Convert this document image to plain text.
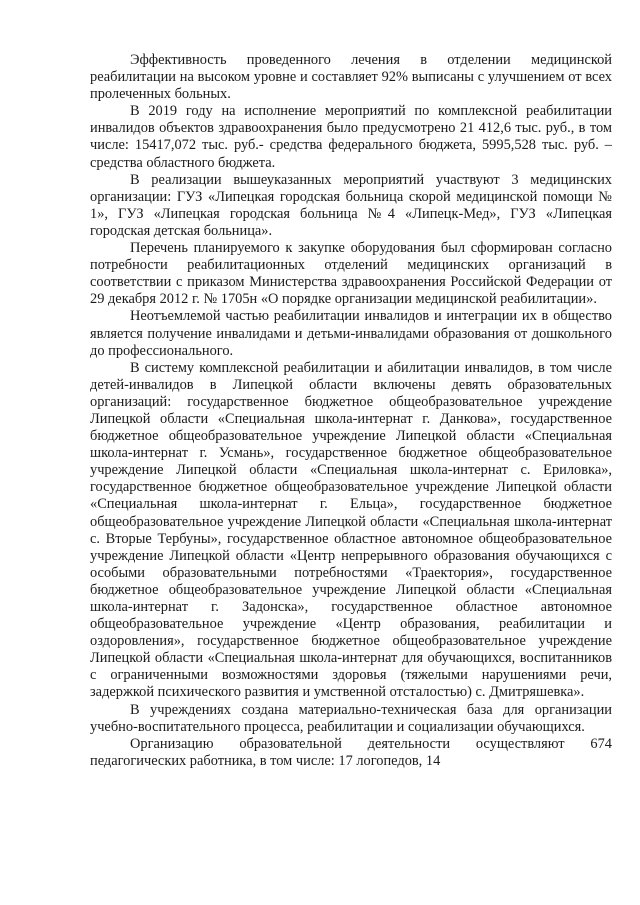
Эффективность проведенного лечения в отделении медицинской реабилитации на высоком уровне и составляет 92% выписаны с улучшением от всех пролеченных больных.

В 2019 году на исполнение мероприятий по комплексной реабилитации инвалидов объектов здравоохранения было предусмотрено 21 412,6 тыс. руб., в том числе: 15417,072 тыс. руб.- средства федерального бюджета, 5995,528 тыс. руб. – средства областного бюджета.

В реализации вышеуказанных мероприятий участвуют 3 медицинских организации: ГУЗ «Липецкая городская больница скорой медицинской помощи № 1», ГУЗ «Липецкая городская больница №4 «Липецк-Мед», ГУЗ «Липецкая городская детская больница».

Перечень планируемого к закупке оборудования был сформирован согласно потребности реабилитационных отделений медицинских организаций в соответствии с приказом Министерства здравоохранения Российской Федерации от 29 декабря 2012 г. № 1705н «О порядке организации медицинской реабилитации».

Неотъемлемой частью реабилитации инвалидов и интеграции их в общество является получение инвалидами и детьми-инвалидами образования от дошкольного до профессионального.

В систему комплексной реабилитации и абилитации инвалидов, в том числе детей-инвалидов в Липецкой области включены девять образовательных организаций: государственное бюджетное общеобразовательное учреждение Липецкой области «Специальная школа-интернат г. Данкова», государственное бюджетное общеобразовательное учреждение Липецкой области «Специальная школа-интернат г. Усмань», государственное бюджетное общеобразовательное учреждение Липецкой области «Специальная школа-интернат с. Ериловка», государственное бюджетное общеобразовательное учреждение Липецкой области «Специальная школа-интернат г. Ельца», государственное бюджетное общеобразовательное учреждение Липецкой области «Специальная школа-интернат с. Вторые Тербуны», государственное областное автономное общеобразовательное учреждение Липецкой области «Центр непрерывного образования обучающихся с особыми образовательными потребностями «Траектория», государственное бюджетное общеобразовательное учреждение Липецкой области «Специальная школа-интернат г. Задонска», государственное областное автономное общеобразовательное учреждение «Центр образования, реабилитации и оздоровления», государственное бюджетное общеобразовательное учреждение Липецкой области «Специальная школа-интернат для обучающихся, воспитанников с ограниченными возможностями здоровья (тяжелыми нарушениями речи, задержкой психического развития и умственной отсталостью) с. Дмитряшевка».

В учреждениях создана материально-техническая база для организации учебно-воспитательного процесса, реабилитации и социализации обучающихся.

Организацию образовательной деятельности осуществляют 674 педагогических работника, в том числе: 17 логопедов, 14
